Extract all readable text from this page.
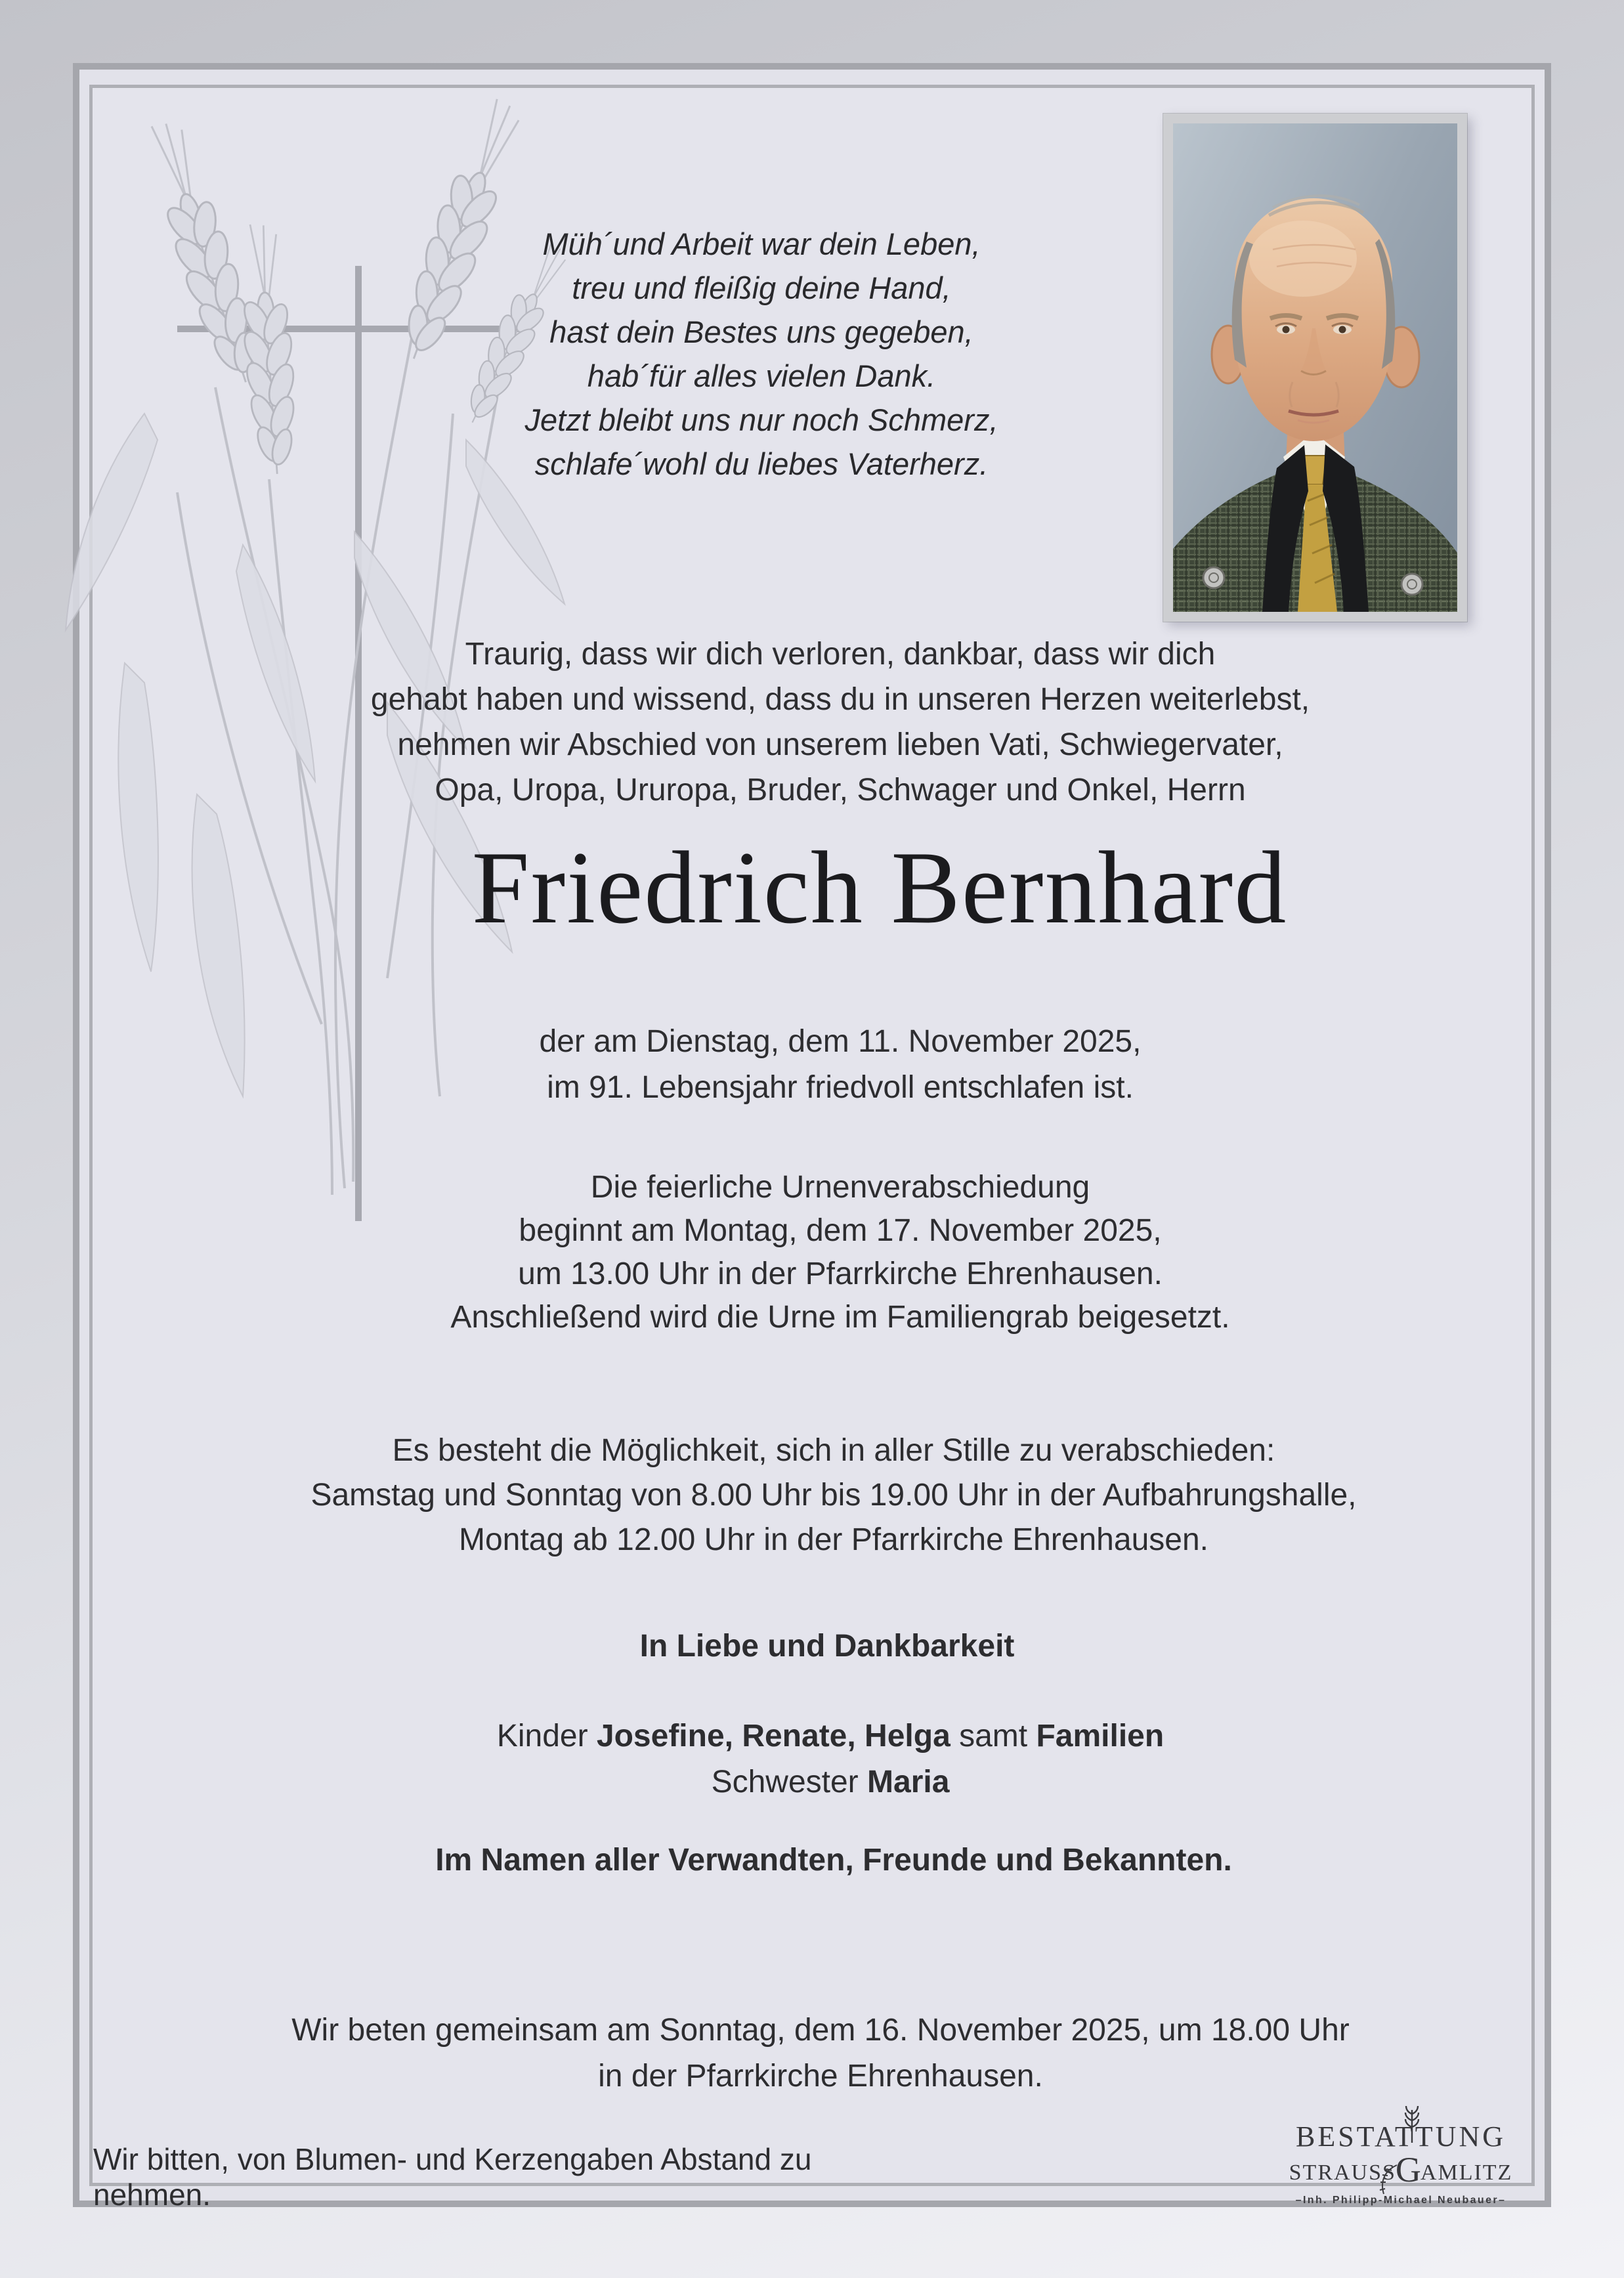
Müh´und Arbeit war dein Leben,
treu und fleißig deine Hand,
hast dein Bestes uns gegeben,
hab´für alles vielen Dank.
Jetzt bleibt uns nur noch Schmerz,
schlafe´wohl du liebes Vaterherz.
Traurig, dass wir dich verloren, dankbar, dass wir dich
gehabt haben und wissend, dass du in unseren Herzen weiterlebst,
nehmen wir Abschied von unserem lieben Vati, Schwiegervater,
Opa, Uropa, Ururopa, Bruder, Schwager und Onkel, Herrn
Friedrich Bernhard
der am Dienstag, dem 11. November 2025,
im 91. Lebensjahr friedvoll entschlafen ist.
Die feierliche Urnenverabschiedung
beginnt am Montag, dem 17. November 2025,
um 13.00 Uhr in der Pfarrkirche Ehrenhausen.
Anschließend wird die Urne im Familiengrab beigesetzt.
Es besteht die Möglichkeit, sich in aller Stille zu verabschieden:
Samstag und Sonntag von 8.00 Uhr bis 19.00 Uhr in der Aufbahrungshalle,
Montag ab 12.00 Uhr in der Pfarrkirche Ehrenhausen.
In Liebe und Dankbarkeit
Kinder Josefine, Renate, Helga samt Familien
Schwester Maria
Im Namen aller Verwandten, Freunde und Bekannten.
Wir beten gemeinsam am Sonntag, dem 16. November 2025, um 18.00 Uhr
in der Pfarrkirche Ehrenhausen.
Wir bitten, von Blumen- und Kerzengaben Abstand zu nehmen.
BESTATTUNG
STRAUSSGAMLITZ
–Inh. Philipp-Michael Neubauer–
